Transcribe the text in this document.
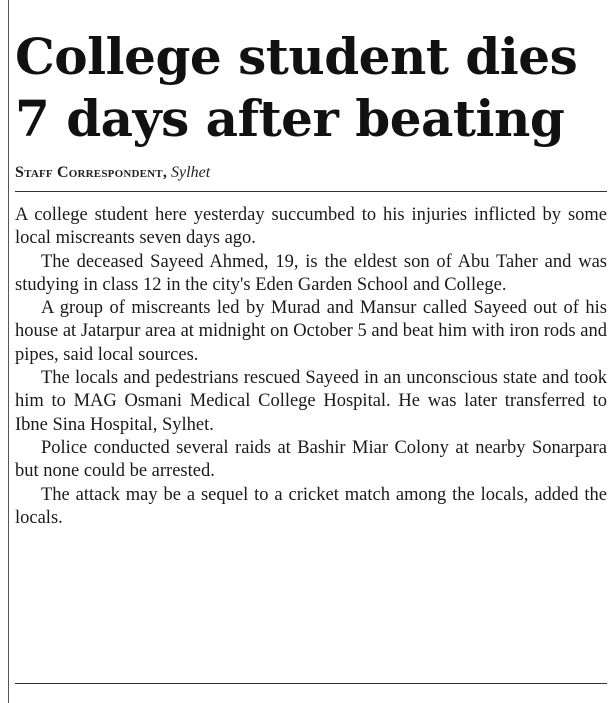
College student dies
7 days after beating
Staff Correspondent, Sylhet

A college student here yesterday succumbed to his injuries inflicted by some local miscreants seven days ago.

The deceased Sayeed Ahmed, 19, is the eldest son of Abu Taher and was studying in class 12 in the city's Eden Garden School and College.

A group of miscreants led by Murad and Mansur called Sayeed out of his house at Jatarpur area at midnight on October 5 and beat him with iron rods and pipes, said local sources.

The locals and pedestrians rescued Sayeed in an unconscious state and took him to MAG Osmani Medical College Hospital. He was later transferred to Ibne Sina Hospital, Sylhet.

Police conducted several raids at Bashir Miar Colony at nearby Sonarpara but none could be arrested.

The attack may be a sequel to a cricket match among the locals, added the locals.
